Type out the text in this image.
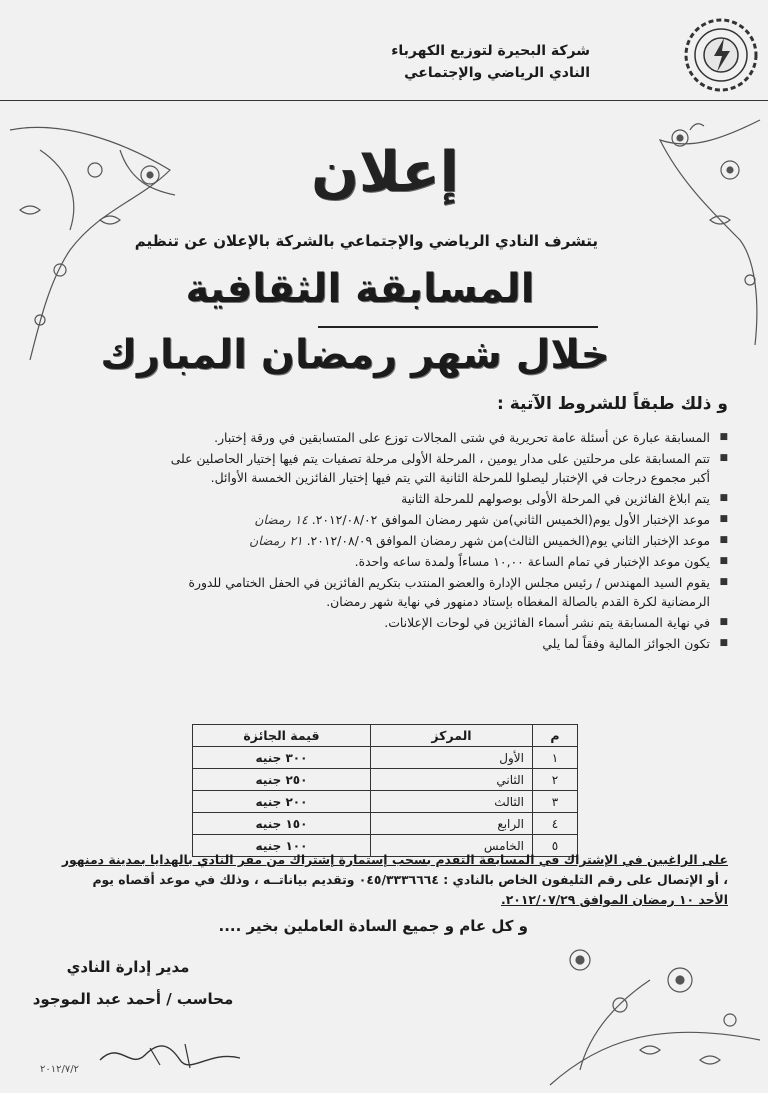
شركة البحيرة لتوزيع الكهرباء
النادي الرياضي والإجتماعي
إعلان
يتشرف النادي الرياضي والإجتماعي بالشركة بالإعلان عن تنظيم
المسابقة الثقافية
خلال شهر رمضان المبارك
و ذلك طبقاً للشروط الآتية :
■ المسابقة عبارة عن أسئلة عامة تحريرية في شتى المجالات توزع على المتسابقين في ورقة إختبار.
■ تتم المسابقة على مرحلتين على مدار يومين ، المرحلة الأولى مرحلة تصفيات يتم فيها إختيار الحاصلين على أكبر مجموع درجات في الإختبار ليصلوا للمرحلة الثانية التي يتم فيها إختيار الفائزين الخمسة الأوائل.
■ يتم ابلاغ الفائزين في المرحلة الأولى بوصولهم للمرحلة الثانية
■ موعد الإختبار الأول يوم(الخميس الثاني)من شهر رمضان الموافق ٢٠١٢/٠٨/٠٢. ١٤ رمضان
■ موعد الإختبار الثاني يوم(الخميس الثالث)من شهر رمضان الموافق ٢٠١٢/٠٨/٠٩. ٢١ رمضان
■ يكون موعد الإختبار في تمام الساعة ١٠,٠٠ مساءاً ولمدة ساعه واحدة.
■ يقوم السيد المهندس / رئيس مجلس الإدارة والعضو المنتدب بتكريم الفائزين في الحفل الختامي للدورة الرمضانية لكرة القدم بالصالة المغطاه بإستاد دمنهور في نهاية شهر رمضان.
■ في نهاية المسابقة يتم نشر أسماء الفائزين في لوحات الإعلانات.
■ تكون الجوائز المالية وفقاً لما يلي
م	المركز	قيمة الجائزة
١	الأول	٣٠٠ جنيه
٢	الثاني	٢٥٠ جنيه
٣	الثالث	٢٠٠ جنيه
٤	الرابع	١٥٠ جنيه
٥	الخامس	١٠٠ جنيه
على الراغبين في الإشتراك في المسابقة التقدم بسحب إستمارة إشتراك من مقر النادي بالهدايا بمدينة دمنهور
، أو الإتصال على رقم التليفون الخاص بالنادي : ٠٤٥/٣٣٣٦٦٦٤ وتقديم بياناتــه ، وذلك في موعد أقصاه يوم
الأحد ١٠ رمضان الموافق ٢٠١٢/٠٧/٢٩.
و كل عام و جميع السادة العاملين بخير ....
مدير إدارة النادي
محاسب / أحمد عبد الموجود
٢٠١٢/٧/٢
